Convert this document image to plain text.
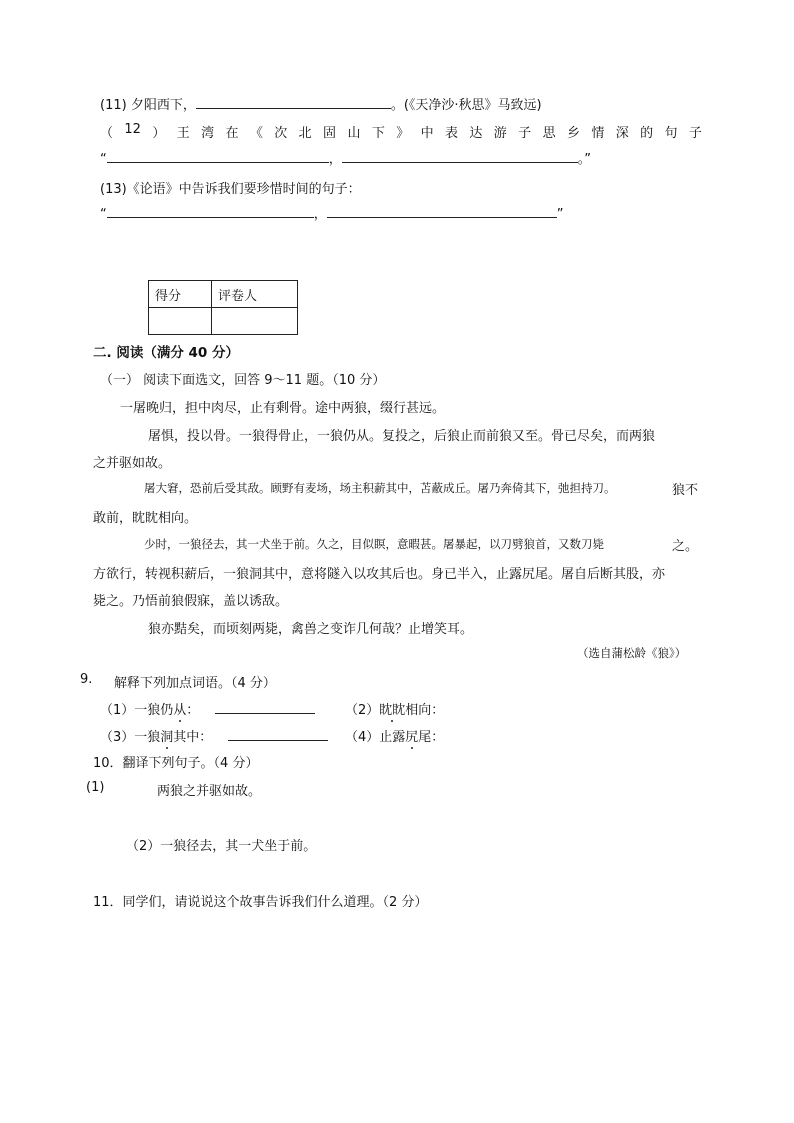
(11) 夕阳西下，	。(《天净沙·秋思》马致远)
（ 12 ） 王 湾 在 《 次 北 固 山 下 》 中 表 达 游 子 思 乡 情 深 的 句 子
“	，	。”
(13)《论语》中告诉我们要珍惜时间的句子：
“	，	”
得分	评卷人

二. 阅读（满分 40 分）
（一） 阅读下面选文，回答 9～11 题。（10 分）
一屠晚归，担中肉尽，止有剩骨。途中两狼，缀行甚远。
屠惧，投以骨。一狼得骨止，一狼仍从。复投之，后狼止而前狼又至。骨已尽矣，而两狼
之并驱如故。
屠大窘，恐前后受其敌。顾野有麦场，场主积薪其中，苫蔽成丘。屠乃奔倚其下，弛担持刀。	狼不
敢前，眈眈相向。
少时，一狼径去，其一犬坐于前。久之，目似瞑，意暇甚。屠暴起，以刀劈狼首，又数刀毙	之。
方欲行，转视积薪后，一狼洞其中，意将隧入以攻其后也。身已半入，止露尻尾。屠自后断其股，亦
毙之。乃悟前狼假寐，盖以诱敌。
狼亦黠矣，而顷刻两毙，禽兽之变诈几何哉？止增笑耳。
（选自蒲松龄《狼》）
9. 解释下列加点词语。（4 分）
（1）一狼仍从：	（2）眈眈相向：
（3）一狼洞其中：	（4）止露尻尾：
10．翻译下列句子。（4 分）
(1)	两狼之并驱如故。
（2）一狼径去，其一犬坐于前。
11．同学们，请说说这个故事告诉我们什么道理。（2 分）
